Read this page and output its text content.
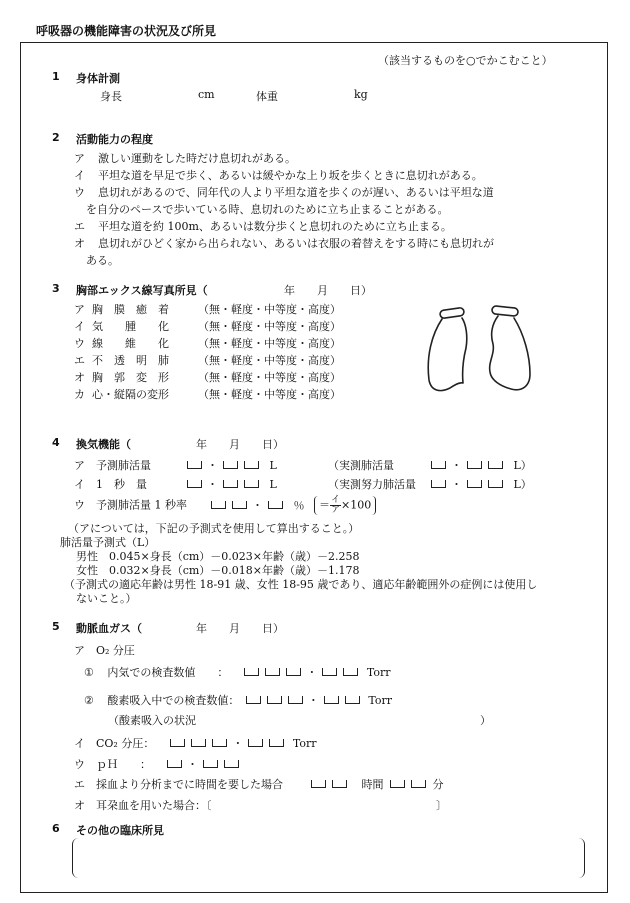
呼吸器の機能障害の状況及び所見
（該当するものを○でかこむこと）
1 身体計測
身長	cm	体重	kg
2 活動能力の程度
ア 激しい運動をした時だけ息切れがある。
イ 平坦な道を早足で歩く、あるいは緩やかな上り坂を歩くときに息切れがある。
ウ 息切れがあるので、同年代の人より平坦な道を歩くのが遅い、あるいは平坦な道
を自分のペースで歩いている時、息切れのために立ち止まることがある。
エ 平坦な道を約 100m、あるいは数分歩くと息切れのために立ち止まる。
オ 息切れがひどく家から出られない、あるいは衣服の着替えをする時にも息切れが
ある。
3 胸部エックス線写真所見（	年　　月　　日）
ア 胸　膜　癒　着	（無・軽度・中等度・高度）
イ 気　　腫　　化	（無・軽度・中等度・高度）
ウ 線　　維　　化	（無・軽度・中等度・高度）
エ 不　透　明　肺	（無・軽度・中等度・高度）
オ 胸　郭　変　形	（無・軽度・中等度・高度）
カ 心・縦隔の変形	（無・軽度・中等度・高度）
4 換気機能（	年　　月　　日）
ア　予測肺活量	・	L	（実測肺活量	・	L）
イ　1　秒　量	・	L	（実測努力肺活量	・	L）
ウ　予測肺活量 1 秒率	・	％ ＝ $\frac{\text{イ}}{\text{ア}} \times 100$
（アについては，下記の予測式を使用して算出すること。）
肺活量予測式（L）
男性　0.045×身長（cm）－0.023×年齢（歳）－2.258
女性　0.032×身長（cm）－0.018×年齢（歳）－1.178
（予測式の適応年齢は男性 18‐91 歳、女性 18‐95 歳であり、適応年齢範囲外の症例には使用し
ないこと。）
5 動脈血ガス（	年　　月　　日）
ア　O₂ 分圧
① 内気での検査数値　　：	・	Torr
② 酸素吸入中での検査数値：	・	Torr
（酸素吸入の状況	）
イ　CO₂ 分圧：	・	Torr
ウ　ｐＨ　　：	・
エ　採血より分析までに時間を要した場合	時間	分
オ　耳朶血を用いた場合：〔	〕
6 その他の臨床所見
